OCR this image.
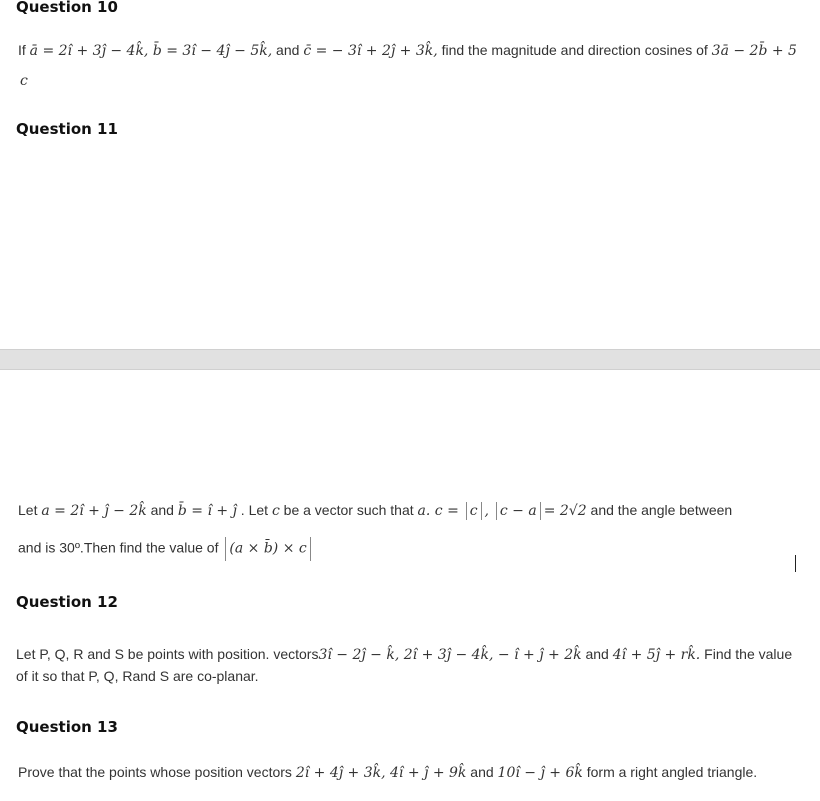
Question 10
If ā = 2î + 3ĵ − 4k̂, b̄ = 3î − 4ĵ − 5k̂, and c̄ = − 3î + 2ĵ + 3k̂, find the magnitude and direction cosines of 3ā − 2b̄ + 5
c
Question 11
Let a = 2î + ĵ − 2k̂ and b̄ = î + ĵ . Let c be a vector such that a. c = c , c − a = 2√2 and the angle between
and is 30º.Then find the value of (a × b̄) × c
Question 12
Let P, Q, R and S be points with position. vectors3î − 2ĵ − k̂, 2î + 3ĵ − 4k̂, − î + ĵ + 2k̂ and 4î + 5ĵ + rk̂. Find the value
of it so that P, Q, Rand S are co-planar.
Question 13
Prove that the points whose position vectors 2î + 4ĵ + 3k̂, 4î + ĵ + 9k̂ and 10î − ĵ + 6k̂ form a right angled triangle.
